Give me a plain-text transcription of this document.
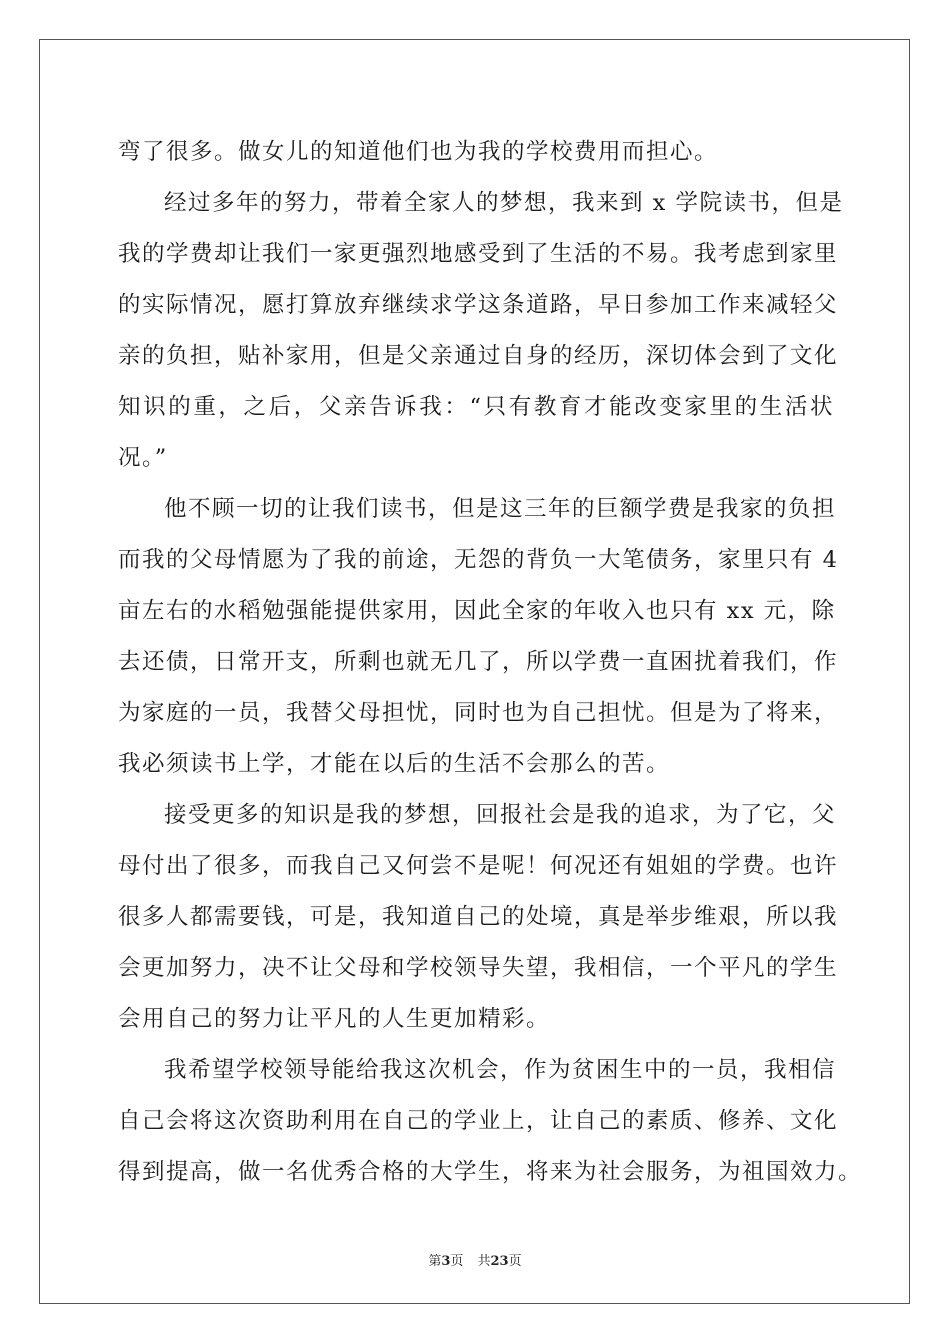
弯了很多。做女儿的知道他们也为我的学校费用而担心。
经过多年的努力，带着全家人的梦想，我来到 x 学院读书，但是
我的学费却让我们一家更强烈地感受到了生活的不易。我考虑到家里
的实际情况，愿打算放弃继续求学这条道路，早日参加工作来减轻父
亲的负担，贴补家用，但是父亲通过自身的经历，深切体会到了文化
知识的重，之后，父亲告诉我：“只有教育才能改变家里的生活状
况。”
他不顾一切的让我们读书，但是这三年的巨额学费是我家的负担
而我的父母情愿为了我的前途，无怨的背负一大笔债务，家里只有 4
亩左右的水稻勉强能提供家用，因此全家的年收入也只有 xx 元，除
去还债，日常开支，所剩也就无几了，所以学费一直困扰着我们，作
为家庭的一员，我替父母担忧，同时也为自己担忧。但是为了将来，
我必须读书上学，才能在以后的生活不会那么的苦。
接受更多的知识是我的梦想，回报社会是我的追求，为了它，父
母付出了很多，而我自己又何尝不是呢！何况还有姐姐的学费。也许
很多人都需要钱，可是，我知道自己的处境，真是举步维艰，所以我
会更加努力，决不让父母和学校领导失望，我相信，一个平凡的学生
会用自己的努力让平凡的人生更加精彩。
我希望学校领导能给我这次机会，作为贫困生中的一员，我相信
自己会将这次资助利用在自己的学业上，让自己的素质、修养、文化
得到提高，做一名优秀合格的大学生，将来为社会服务，为祖国效力。
第3页 共23页
